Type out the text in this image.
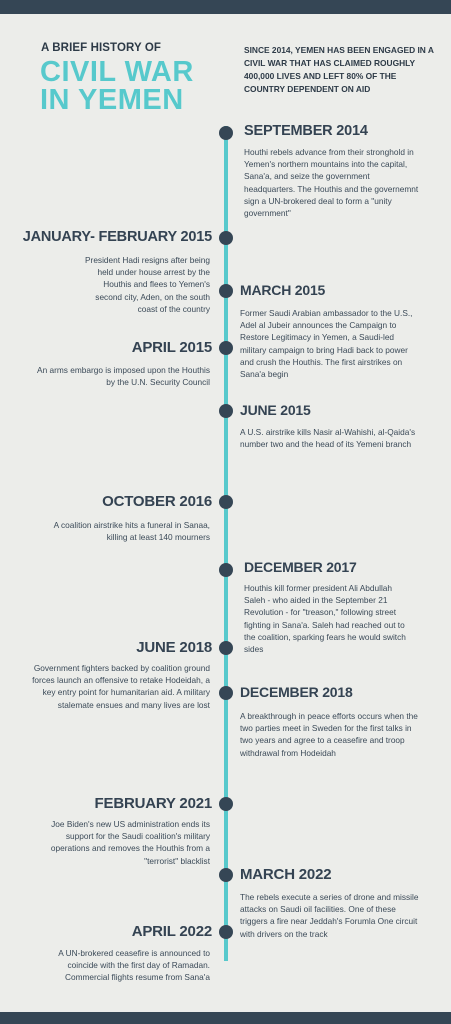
A BRIEF HISTORY OF
CIVIL WAR IN YEMEN
SINCE 2014, YEMEN HAS BEEN ENGAGED IN A CIVIL WAR THAT HAS CLAIMED ROUGHLY 400,000 LIVES AND LEFT 80% OF THE COUNTRY DEPENDENT ON AID
SEPTEMBER 2014
Houthi rebels advance from their stronghold in Yemen's northern mountains into the capital, Sana'a, and seize the government headquarters. The Houthis and the governemnt sign a UN-brokered deal to form a "unity government"
JANUARY- FEBRUARY 2015
President Hadi resigns after being held under house arrest by the Houthis and flees to Yemen's second city, Aden, on the south coast of the country
MARCH 2015
Former Saudi Arabian ambassador to the U.S., Adel al Jubeir announces the Campaign to Restore Legitimacy in Yemen, a Saudi-led military campaign to bring Hadi back to power and crush the Houthis. The first airstrikes on Sana'a begin
APRIL 2015
An arms embargo is imposed upon the Houthis by the U.N. Security Council
JUNE 2015
A U.S. airstrike kills Nasir al-Wahishi, al-Qaida's number two and the head of its Yemeni branch
OCTOBER 2016
A coalition airstrike hits a funeral in Sanaa, killing at least 140 mourners
DECEMBER 2017
Houthis kill former president Ali Abdullah Saleh - who aided in the September 21 Revolution - for "treason," following street fighting in Sana'a. Saleh had reached out to the coalition, sparking fears he would switch sides
JUNE 2018
Government fighters backed by coalition ground forces launch an offensive to retake Hodeidah, a key entry point for humanitarian aid. A military stalemate ensues and many lives are lost
DECEMBER 2018
A breakthrough in peace efforts occurs when the two parties meet in Sweden for the first talks in two years and agree to a ceasefire and troop withdrawal from Hodeidah
FEBRUARY 2021
Joe Biden's new US administration ends its support for the Saudi coalition's military operations and removes the Houthis from a "terrorist" blacklist
MARCH 2022
The rebels execute a series of drone and missile attacks on Saudi oil facilities. One of these triggers a fire near Jeddah's Forumla One circuit with drivers on the track
APRIL 2022
A UN-brokered ceasefire is announced to coincide with the first day of Ramadan. Commercial flights resume from Sana'a
